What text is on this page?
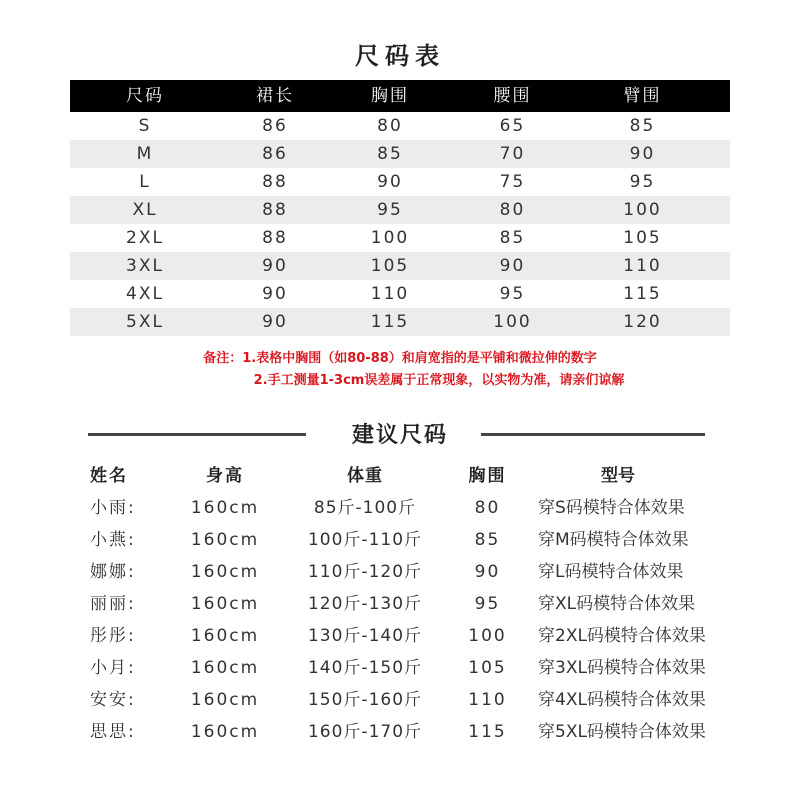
尺码表
尺码	裙长	胸围	腰围	臂围
S	86	80	65	85
M	86	85	70	90
L	88	90	75	95
XL	88	95	80	100
2XL	88	100	85	105
3XL	90	105	90	110
4XL	90	110	95	115
5XL	90	115	100	120
备注：1.表格中胸围（如80-88）和肩宽指的是平铺和微拉伸的数字
2.手工测量1-3cm误差属于正常现象，以实物为准，请亲们谅解
建议尺码
姓名	身高	体重	胸围	型号
小雨:	160cm	85斤-100斤	80	穿S码模特合体效果
小燕:	160cm	100斤-110斤	85	穿M码模特合体效果
娜娜:	160cm	110斤-120斤	90	穿L码模特合体效果
丽丽:	160cm	120斤-130斤	95	穿XL码模特合体效果
彤彤:	160cm	130斤-140斤	100	穿2XL码模特合体效果
小月:	160cm	140斤-150斤	105	穿3XL码模特合体效果
安安:	160cm	150斤-160斤	110	穿4XL码模特合体效果
思思:	160cm	160斤-170斤	115	穿5XL码模特合体效果
